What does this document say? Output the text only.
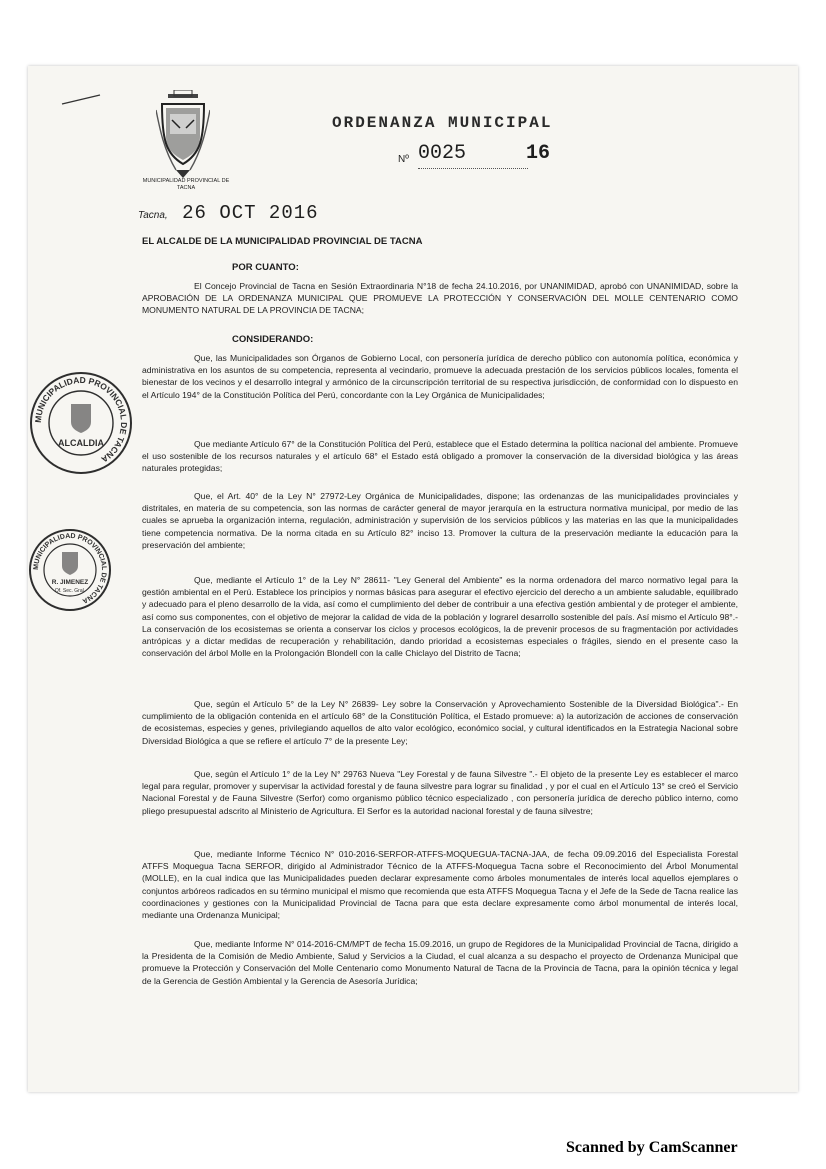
MUNICIPALIDAD PROVINCIAL DE TACNA
ORDENANZA MUNICIPAL
Nº 0025	16
Tacna, 26 OCT 2016
EL ALCALDE DE LA MUNICIPALIDAD PROVINCIAL DE TACNA
POR CUANTO:

El Concejo Provincial de Tacna en Sesión Extraordinaria N°18 de fecha 24.10.2016, por UNANIMIDAD, aprobó con UNANIMIDAD, sobre la APROBACIÓN DE LA ORDENANZA MUNICIPAL QUE PROMUEVE LA PROTECCIÓN Y CONSERVACIÓN DEL MOLLE CENTENARIO COMO MONUMENTO NATURAL DE LA PROVINCIA DE TACNA;

CONSIDERANDO:

Que, las Municipalidades son Órganos de Gobierno Local, con personería jurídica de derecho público con autonomía política, económica y administrativa en los asuntos de su competencia, representa al vecindario, promueve la adecuada prestación de los servicios públicos locales, fomenta el bienestar de los vecinos y el desarrollo integral y armónico de la circunscripción territorial de su respectiva jurisdicción, de conformidad con lo dispuesto en el Artículo 194° de la Constitución Política del Perú, concordante con la Ley Orgánica de Municipalidades;

Que mediante Artículo 67° de la Constitución Política del Perú, establece que el Estado determina la política nacional del ambiente. Promueve el uso sostenible de los recursos naturales y el artículo 68° el Estado está obligado a promover la conservación de la diversidad biológica y las áreas naturales protegidas;

Que, el Art. 40° de la Ley N° 27972-Ley Orgánica de Municipalidades, dispone; las ordenanzas de las municipalidades provinciales y distritales, en materia de su competencia, son las normas de carácter general de mayor jerarquía en la estructura normativa municipal, por medio de las cuales se aprueba la organización interna, regulación, administración y supervisión de los servicios públicos y las materias en las que la municipalidades tiene competencia normativa. De la norma citada en su Artículo 82° inciso 13. Promover la cultura de la preservación mediante la educación para la preservación del ambiente;

Que, mediante el Artículo 1° de la Ley N° 28611- "Ley General del Ambiente" es la norma ordenadora del marco normativo legal para la gestión ambiental en el Perú. Establece los principios y normas básicas para asegurar el efectivo ejercicio del derecho a un ambiente saludable, equilibrado y adecuado para el pleno desarrollo de la vida, así como el cumplimiento del deber de contribuir a una efectiva gestión ambiental y de proteger el ambiente, así como sus componentes, con el objetivo de mejorar la calidad de vida de la población y lograrel desarrollo sostenible del país. Así mismo el Artículo 98°.- La conservación de los ecosistemas se orienta a conservar los ciclos y procesos ecológicos, la de prevenir procesos de su fragmentación por actividades antrópicas y a dictar medidas de recuperación y rehabilitación, dando prioridad a ecosistemas especiales o frágiles, siendo en el presente caso la conservación del árbol Molle en la Prolongación Blondell con la calle Chiclayo del Distrito de Tacna;

Que, según el Artículo 5° de la Ley N° 26839- Ley sobre la Conservación y Aprovechamiento Sostenible de la Diversidad Biológica".- En cumplimiento de la obligación contenida en el artículo 68° de la Constitución Política, el Estado promueve: a) la autorización de acciones de conservación de ecosistemas, especies y genes, privilegiando aquellos de alto valor ecológico, económico social, y cultural identificados en la Estrategia Nacional sobre Diversidad Biológica a que se refiere el artículo 7° de la presente Ley;

Que, según el Artículo 1° de la Ley N° 29763 Nueva "Ley Forestal y de fauna Silvestre ".- El objeto de la presente Ley es establecer el marco legal para regular, promover y supervisar la actividad forestal y de fauna silvestre para lograr su finalidad , y por el cual en el Artículo 13° se creó el Servicio Nacional Forestal y de Fauna Silvestre (Serfor) como organismo público técnico especializado , con personería jurídica de derecho público interno, como pliego presupuestal adscrito al Ministerio de Agricultura. El Serfor es la autoridad nacional forestal y de fauna silvestre;

Que, mediante Informe Técnico N° 010-2016-SERFOR-ATFFS-MOQUEGUA-TACNA-JAA, de fecha 09.09.2016 del Especialista Forestal ATFFS Moquegua Tacna SERFOR, dirigido al Administrador Técnico de la ATFFS-Moquegua Tacna sobre el Reconocimiento del Árbol Monumental (MOLLE), en la cual indica que las Municipalidades pueden declarar expresamente como árboles monumentales de interés local aquellos ejemplares o conjuntos arbóreos radicados en su término municipal el mismo que recomienda que esta ATFFS Moquegua Tacna y el Jefe de la Sede de Tacna realice las coordinaciones y gestiones con la Municipalidad Provincial de Tacna para que esta declare expresamente como árbol monumental de interés local, mediante una Ordenanza Municipal;

Que, mediante Informe N° 014-2016-CM/MPT de fecha 15.09.2016, un grupo de Regidores de la Municipalidad Provincial de Tacna, dirigido a la Presidenta de la Comisión de Medio Ambiente, Salud y Servicios a la Ciudad, el cual alcanza a su despacho el proyecto de Ordenanza Municipal que promueve la Protección y Conservación del Molle Centenario como Monumento Natural de Tacna de la Provincia de Tacna, para la opinión técnica y legal de la Gerencia de Gestión Ambiental y la Gerencia de Asesoría Jurídica;

MUNICIPALIDAD PROVINCIAL DE TACNA
ALCALDIA
MUNICIPALIDAD PROVINCIAL DE TACNA
R. JIMENEZ
Of. Sec. Gral.
Scanned by CamScanner
